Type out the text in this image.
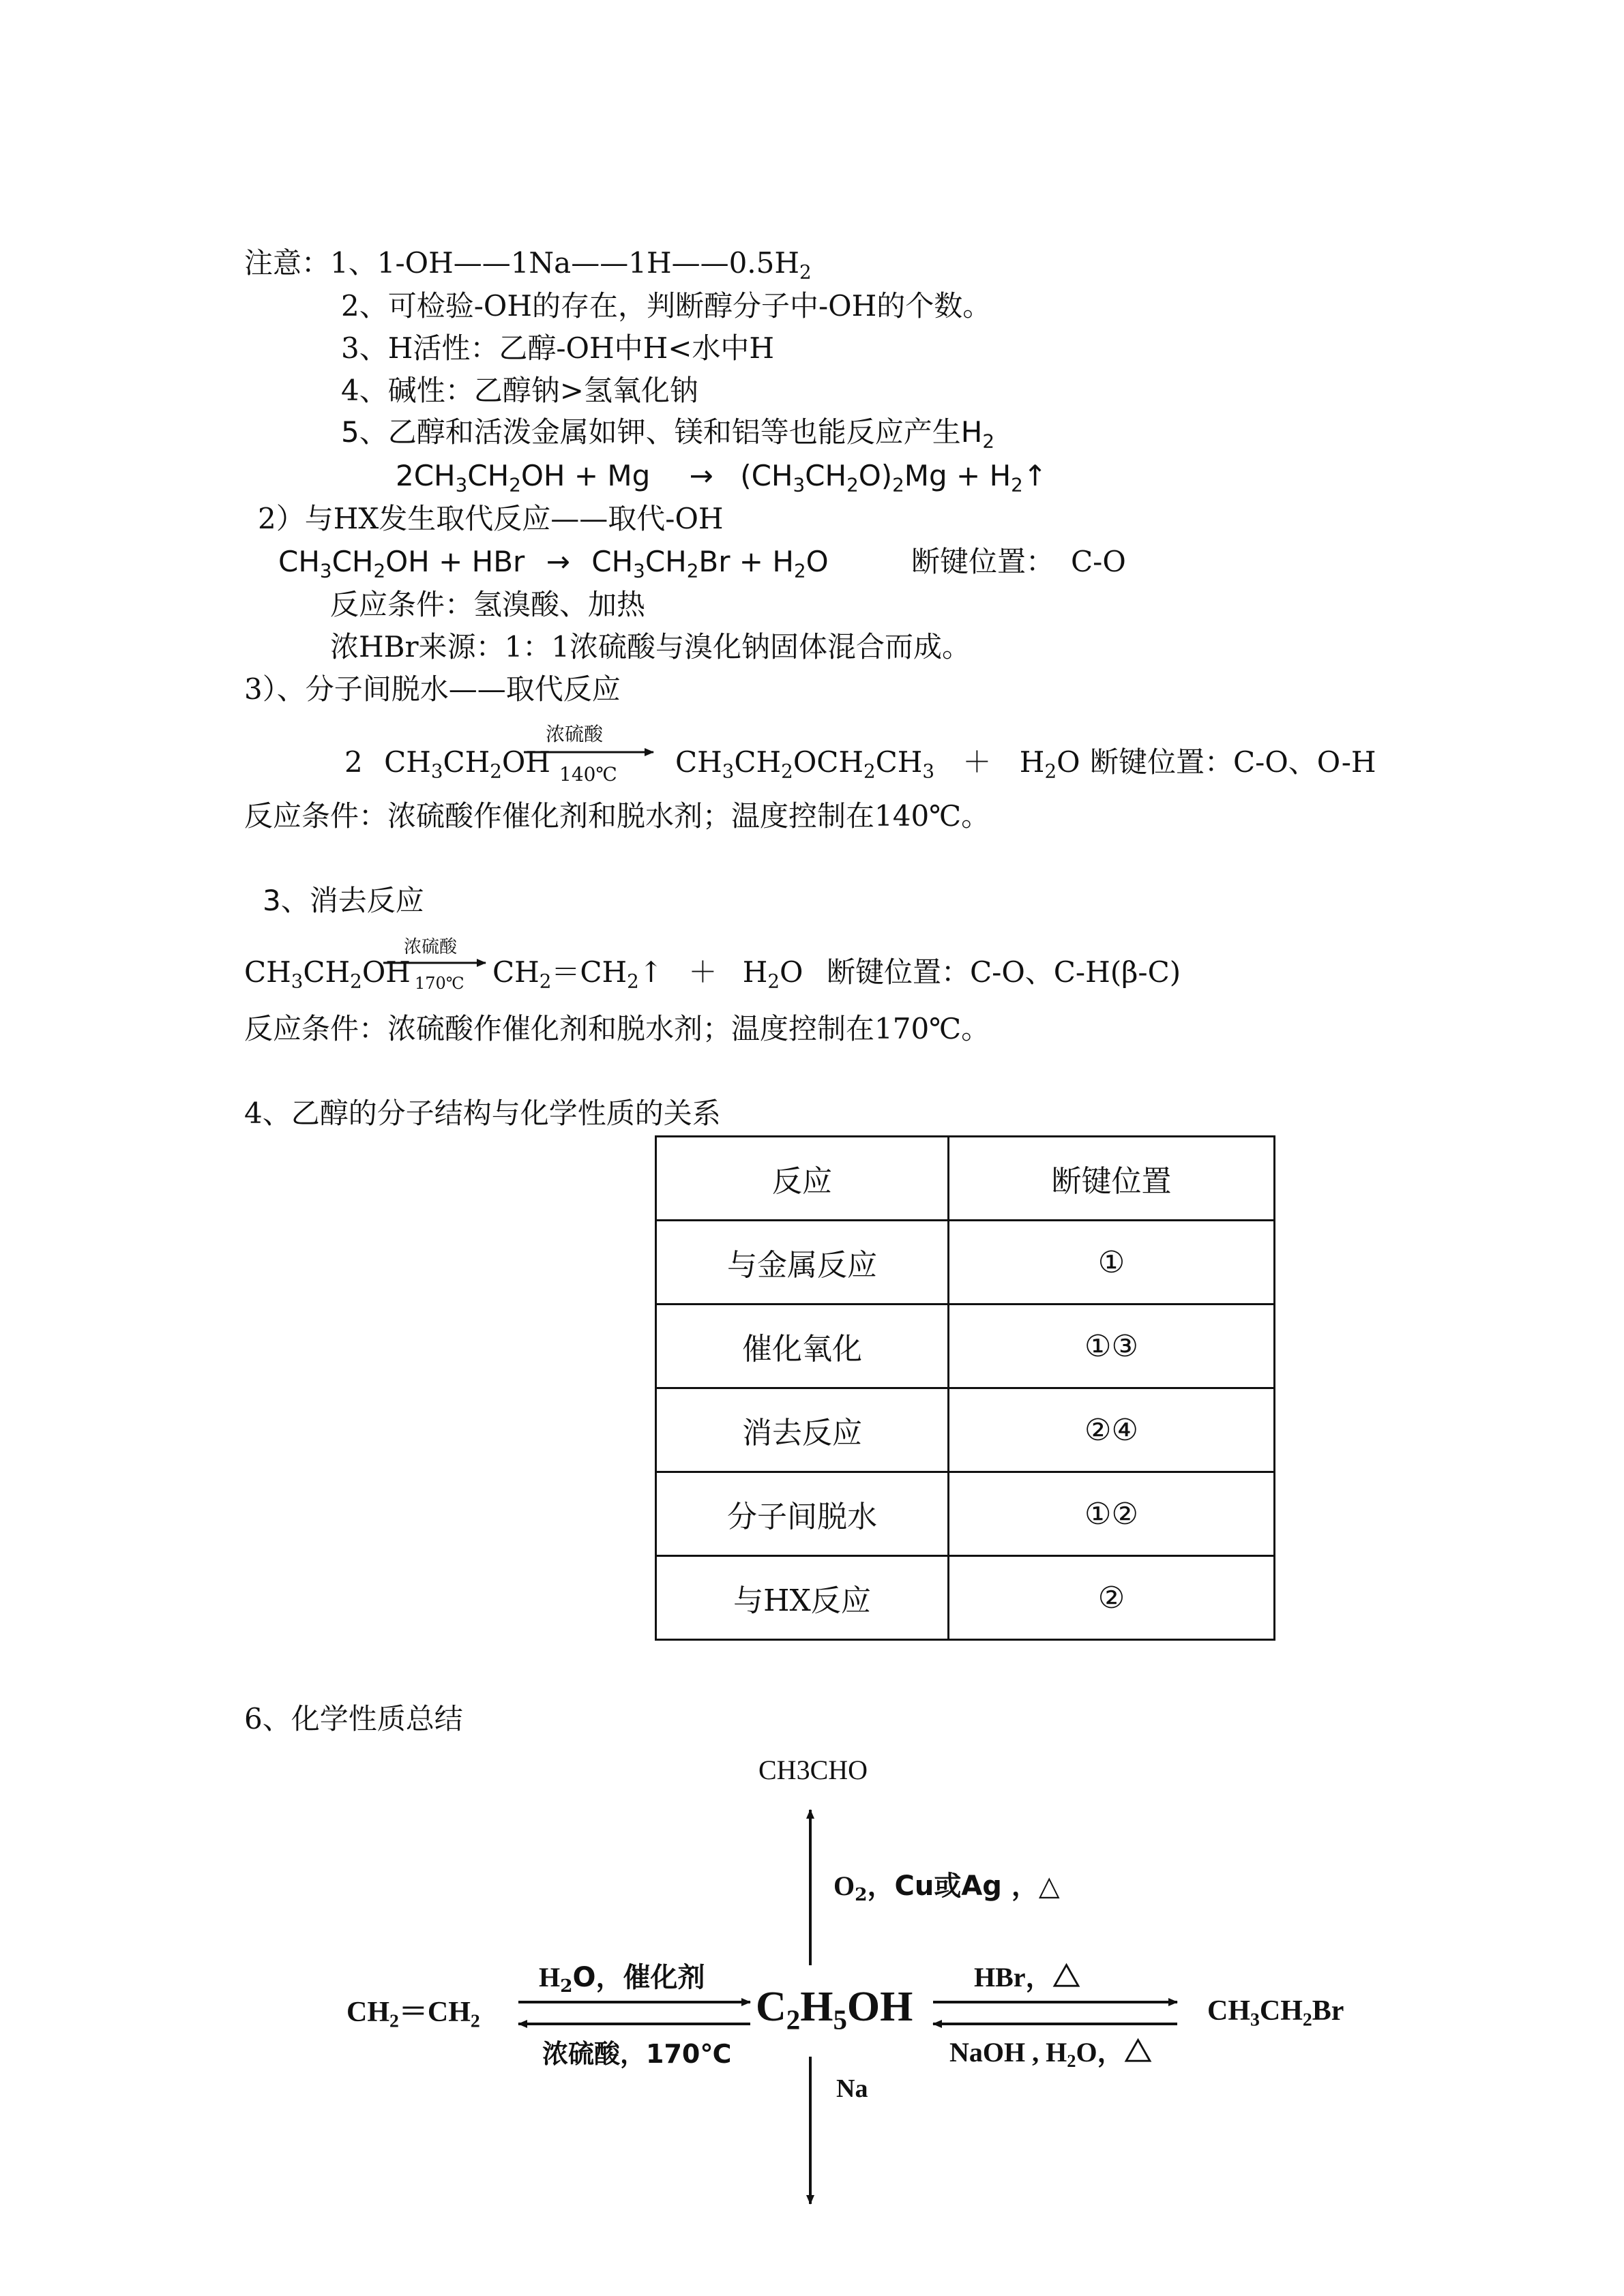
注意：1、$1-OH——1Na——1H——0.5H_2$
2、可检验-OH的存在，判断醇分子中-OH的个数。
3、H活性：乙醇-OH中H<水中H
4、碱性：乙醇钠>氢氧化钠
5、乙醇和活泼金属如钾、镁和铝等也能反应产生$H_2$
$2CH_3CH_2OH + Mg \to (CH_3CH_2O)_2Mg$ + $H_2↑$
2）与HX发生取代反应——取代-OH
$CH_3CH_2OH$ + HBr → $CH_3CH_2Br + H_2O$	断键位置： C-O
反应条件：氢溴酸、加热
浓HBr来源：1：1浓硫酸与溴化钠固体混合而成。
3）、分子间脱水——取代反应
2 $CH_3CH_2OH$
浓硫酸
140℃ $CH_3CH_2OCH_2CH_3 + H_2O$ 断键位置：C-O、O-H
反应条件：浓硫酸作催化剂和脱水剂；温度控制在140℃。
3、消去反应
$CH_3CH_2OH$
浓硫酸
170℃ $CH_2=CH_2↑ + H_2O$ 断键位置：C-O、C-H(β-C)
反应条件：浓硫酸作催化剂和脱水剂；温度控制在170℃。
4、乙醇的分子结构与化学性质的关系
反应	断键位置
与金属反应	①
催化氧化	①③
消去反应	②④
分子间脱水	①②
与HX反应	②
6、化学性质总结
CH3CHO
$O_2$，Cu或Ag ，△
$CH_2=CH_2$
$H_2O$，催化剂
浓硫酸，170℃
$C_2H_5OH$
HBr，△
NaOH , $H_2O$，△
$CH_3CH_2Br$
Na
